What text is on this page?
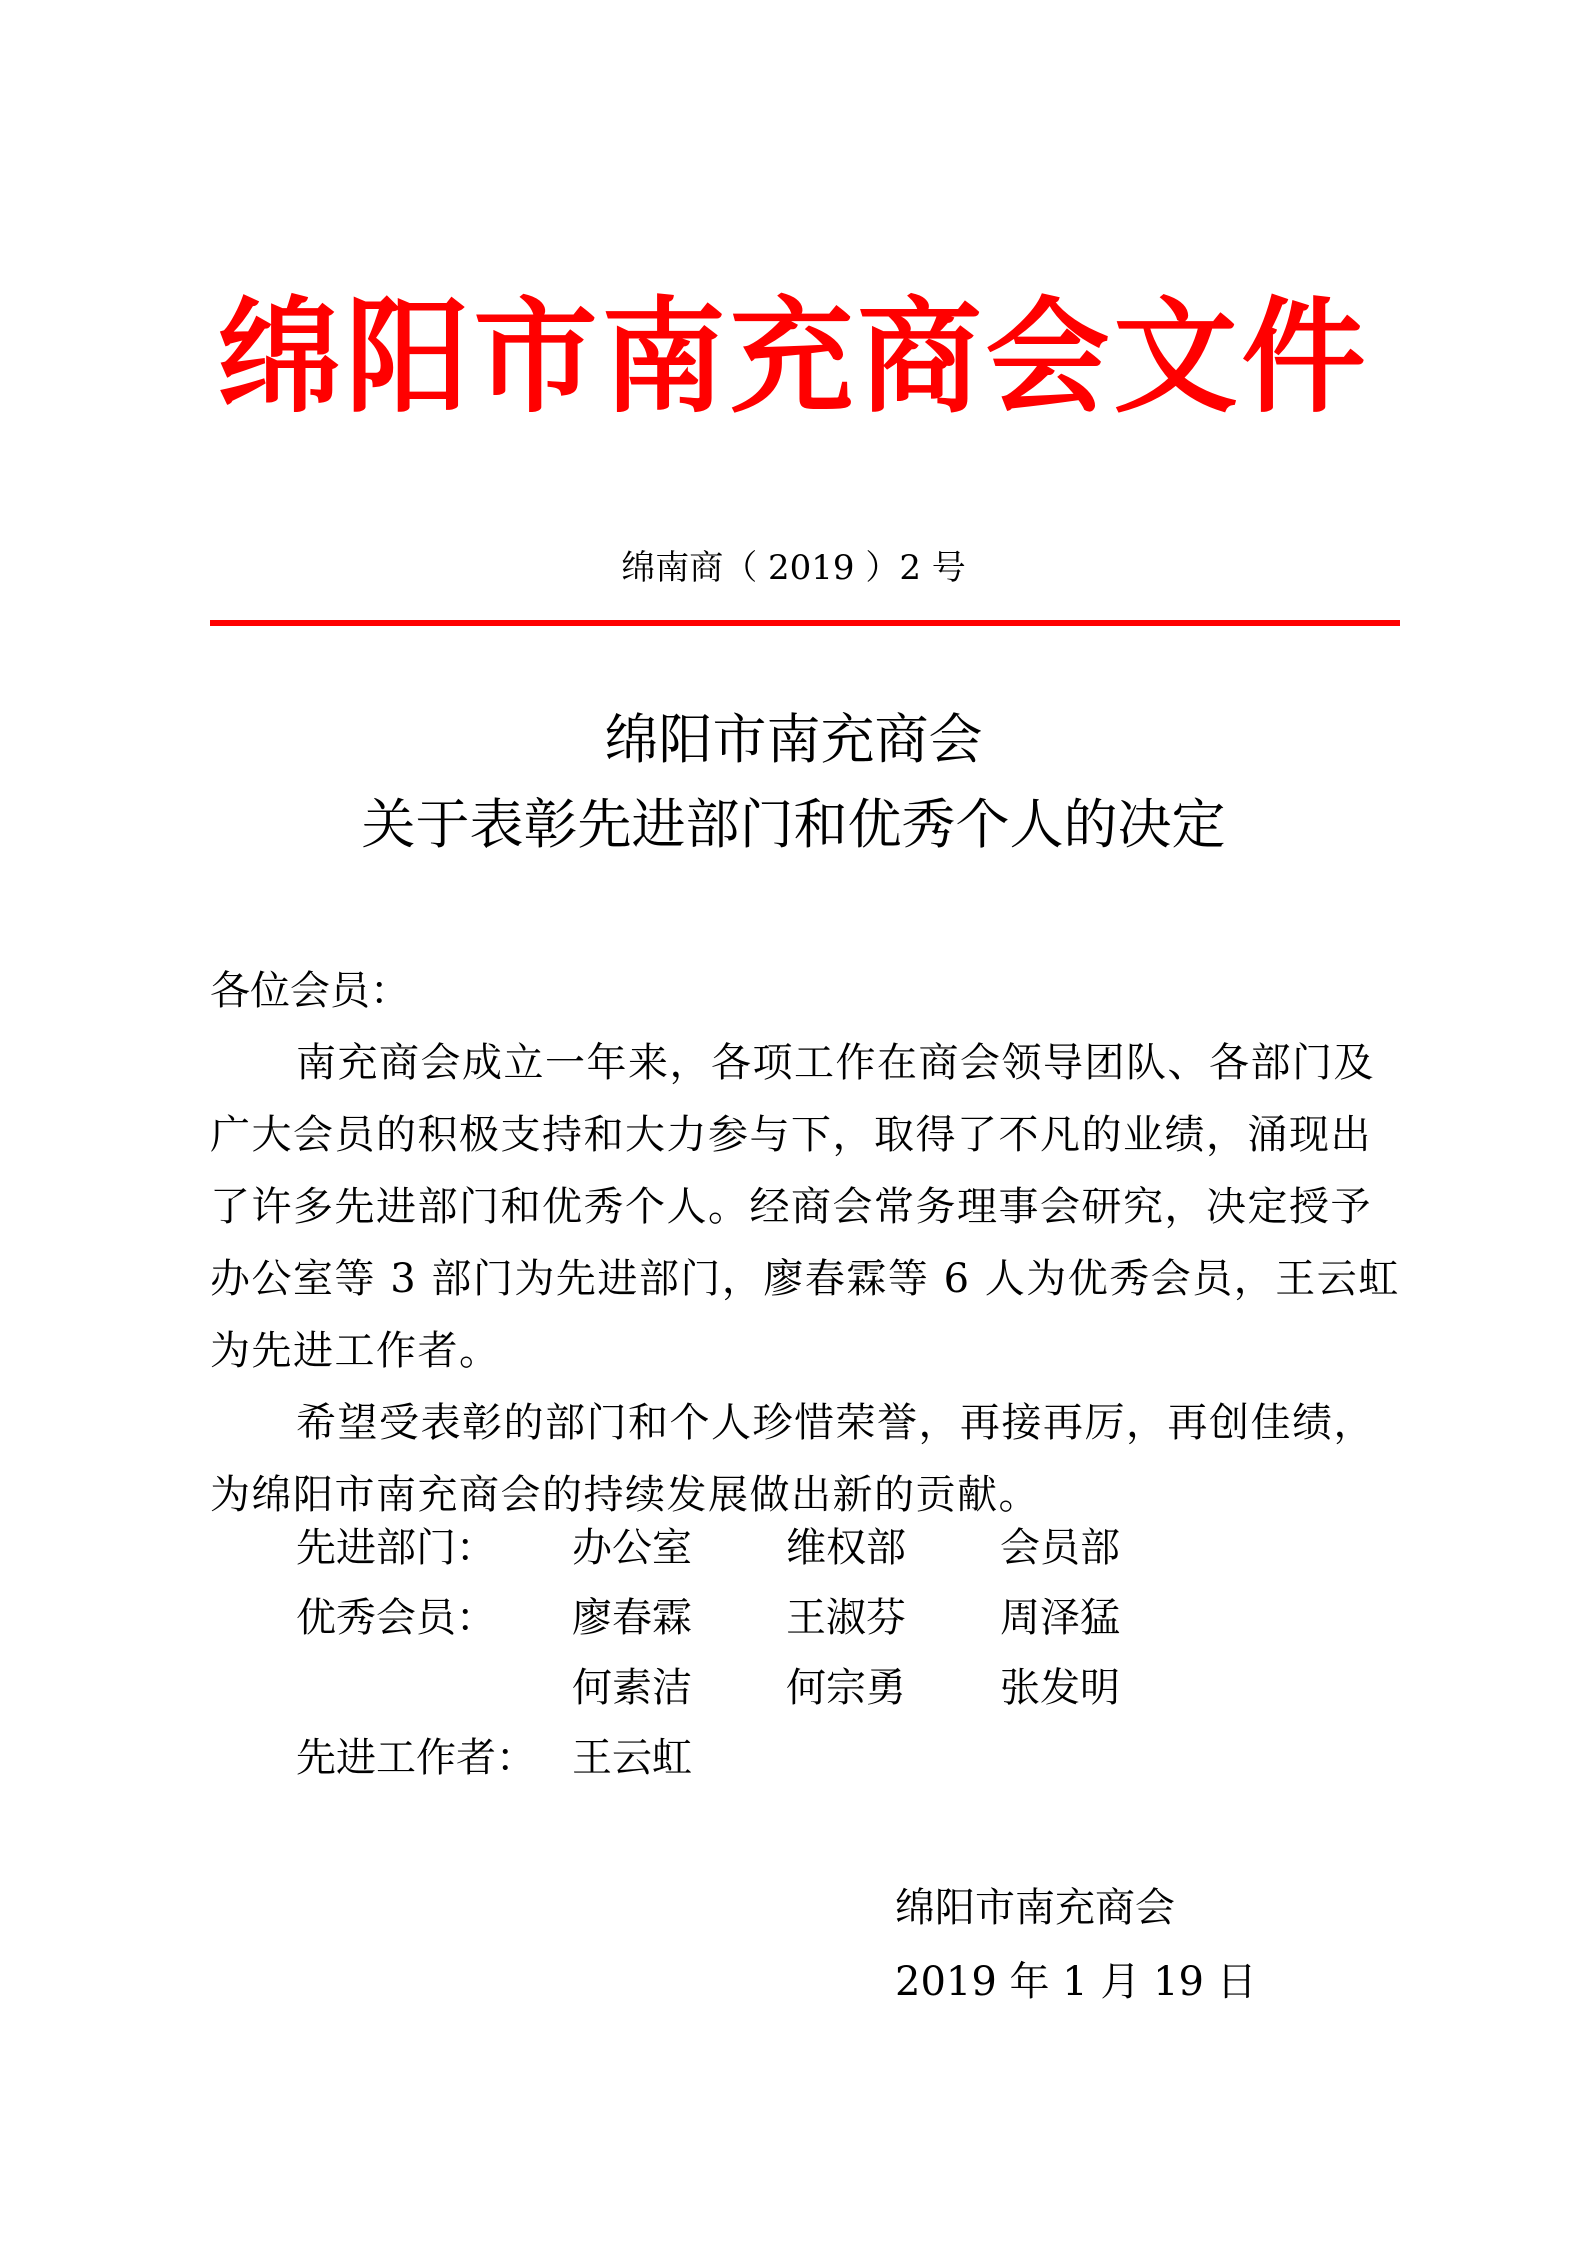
绵阳市南充商会文件
绵南商（ 2019 ）2 号
绵阳市南充商会
关于表彰先进部门和优秀个人的决定
各位会员：
南充商会成立一年来，各项工作在商会领导团队、各部门及广大会员的积极支持和大力参与下，取得了不凡的业绩，涌现出了许多先进部门和优秀个人。经商会常务理事会研究，决定授予办公室等 3 部门为先进部门，廖春霖等 6 人为优秀会员，王云虹为先进工作者。
希望受表彰的部门和个人珍惜荣誉，再接再厉，再创佳绩，为绵阳市南充商会的持续发展做出新的贡献。
先进部门： 办公室 维权部 会员部
优秀会员： 廖春霖 王淑芬 周泽猛
何素洁 何宗勇 张发明
先进工作者： 王云虹
绵阳市南充商会
2019 年 1 月 19 日
